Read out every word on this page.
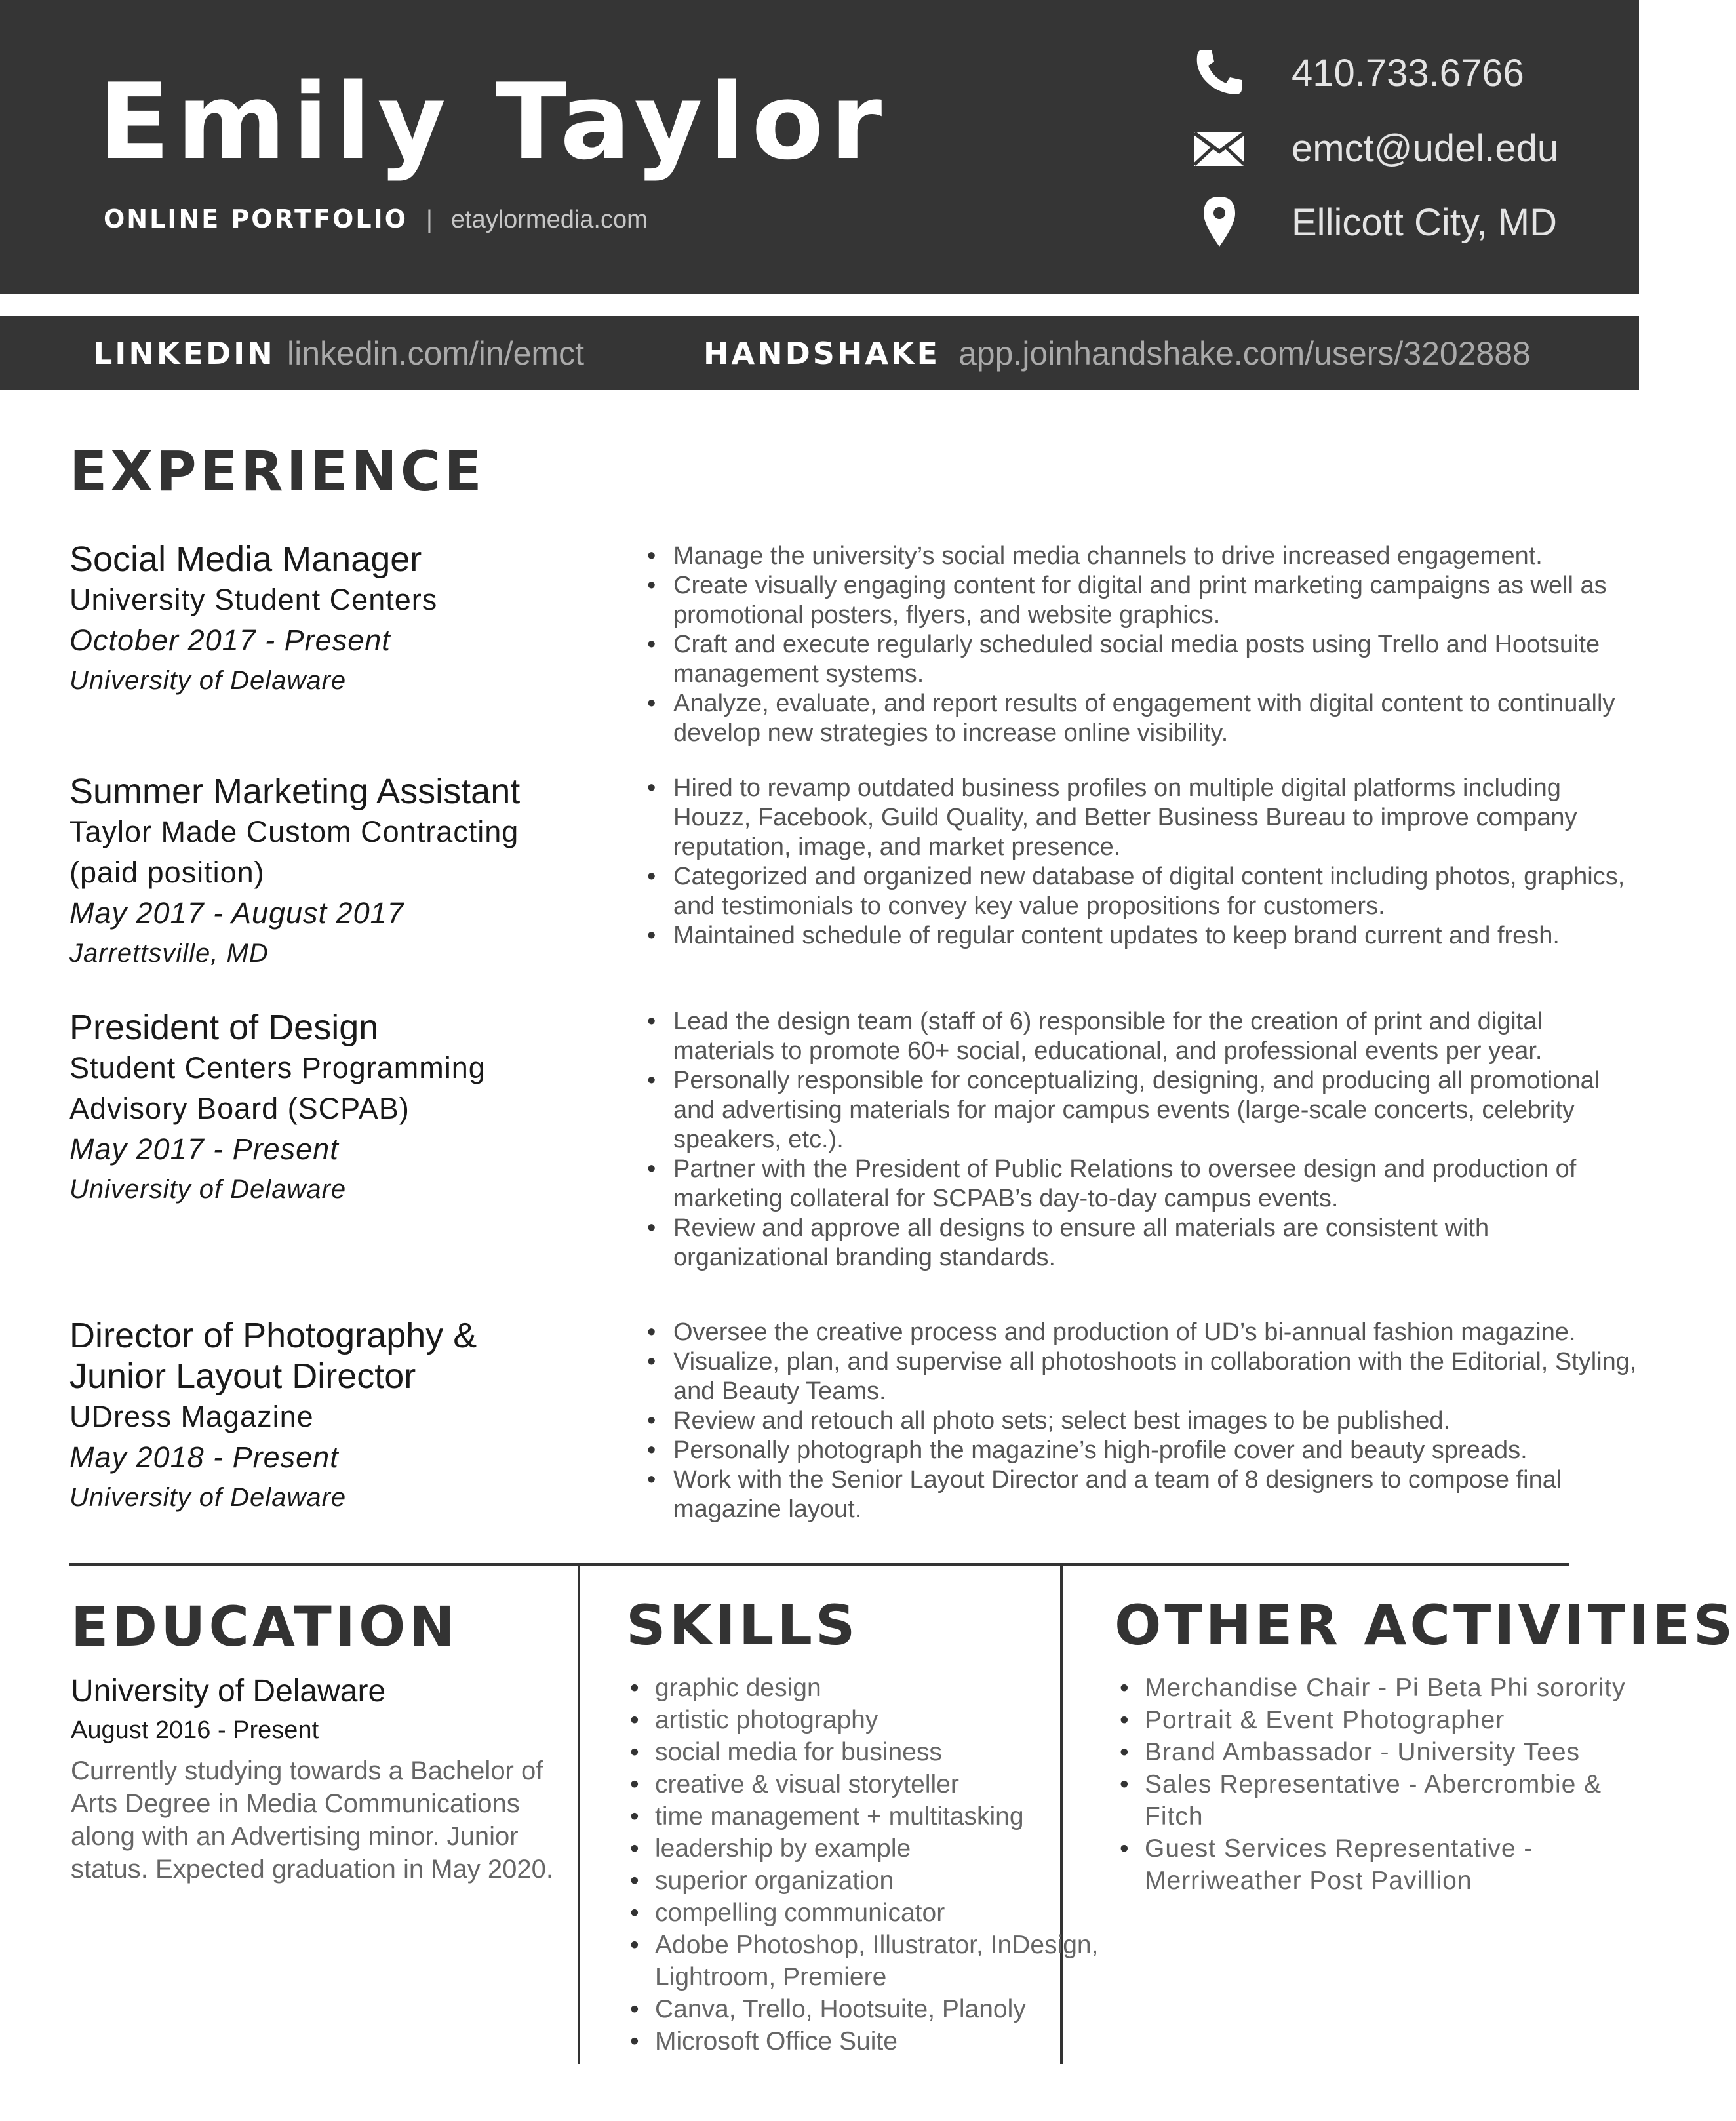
Emily Taylor
ONLINE PORTFOLIO | etaylormedia.com
410.733.6766
emct@udel.edu
Ellicott City, MD
LINKEDIN linkedin.com/in/emct	HANDSHAKE app.joinhandshake.com/users/3202888
EXPERIENCE
Social Media Manager
University Student Centers
October 2017 - Present
University of Delaware
• Manage the university’s social media channels to drive increased engagement.
• Create visually engaging content for digital and print marketing campaigns as well as promotional posters, flyers, and website graphics.
• Craft and execute regularly scheduled social media posts using Trello and Hootsuite management systems.
• Analyze, evaluate, and report results of engagement with digital content to continually develop new strategies to increase online visibility.
Summer Marketing Assistant
Taylor Made Custom Contracting
(paid position)
May 2017 - August 2017
Jarrettsville, MD
• Hired to revamp outdated business profiles on multiple digital platforms including Houzz, Facebook, Guild Quality, and Better Business Bureau to improve company reputation, image, and market presence.
• Categorized and organized new database of digital content including photos, graphics, and testimonials to convey key value propositions for customers.
• Maintained schedule of regular content updates to keep brand current and fresh.
President of Design
Student Centers Programming
Advisory Board (SCPAB)
May 2017 - Present
University of Delaware
• Lead the design team (staff of 6) responsible for the creation of print and digital materials to promote 60+ social, educational, and professional events per year.
• Personally responsible for conceptualizing, designing, and producing all promotional and advertising materials for major campus events (large-scale concerts, celebrity speakers, etc.).
• Partner with the President of Public Relations to oversee design and production of marketing collateral for SCPAB’s day-to-day campus events.
• Review and approve all designs to ensure all materials are consistent with organizational branding standards.
Director of Photography &
Junior Layout Director
UDress Magazine
May 2018 - Present
University of Delaware
• Oversee the creative process and production of UD’s bi-annual fashion magazine.
• Visualize, plan, and supervise all photoshoots in collaboration with the Editorial, Styling, and Beauty Teams.
• Review and retouch all photo sets; select best images to be published.
• Personally photograph the magazine’s high-profile cover and beauty spreads.
• Work with the Senior Layout Director and a team of 8 designers to compose final magazine layout.
EDUCATION
University of Delaware
August 2016 - Present
Currently studying towards a Bachelor of Arts Degree in Media Communications along with an Advertising minor. Junior status. Expected graduation in May 2020.
SKILLS
• graphic design
• artistic photography
• social media for business
• creative & visual storyteller
• time management + multitasking
• leadership by example
• superior organization
• compelling communicator
• Adobe Photoshop, Illustrator, InDesign, Lightroom, Premiere
• Canva, Trello, Hootsuite, Planoly
• Microsoft Office Suite
OTHER ACTIVITIES
• Merchandise Chair - Pi Beta Phi sorority
• Portrait & Event Photographer
• Brand Ambassador - University Tees
• Sales Representative - Abercrombie & Fitch
• Guest Services Representative - Merriweather Post Pavillion
